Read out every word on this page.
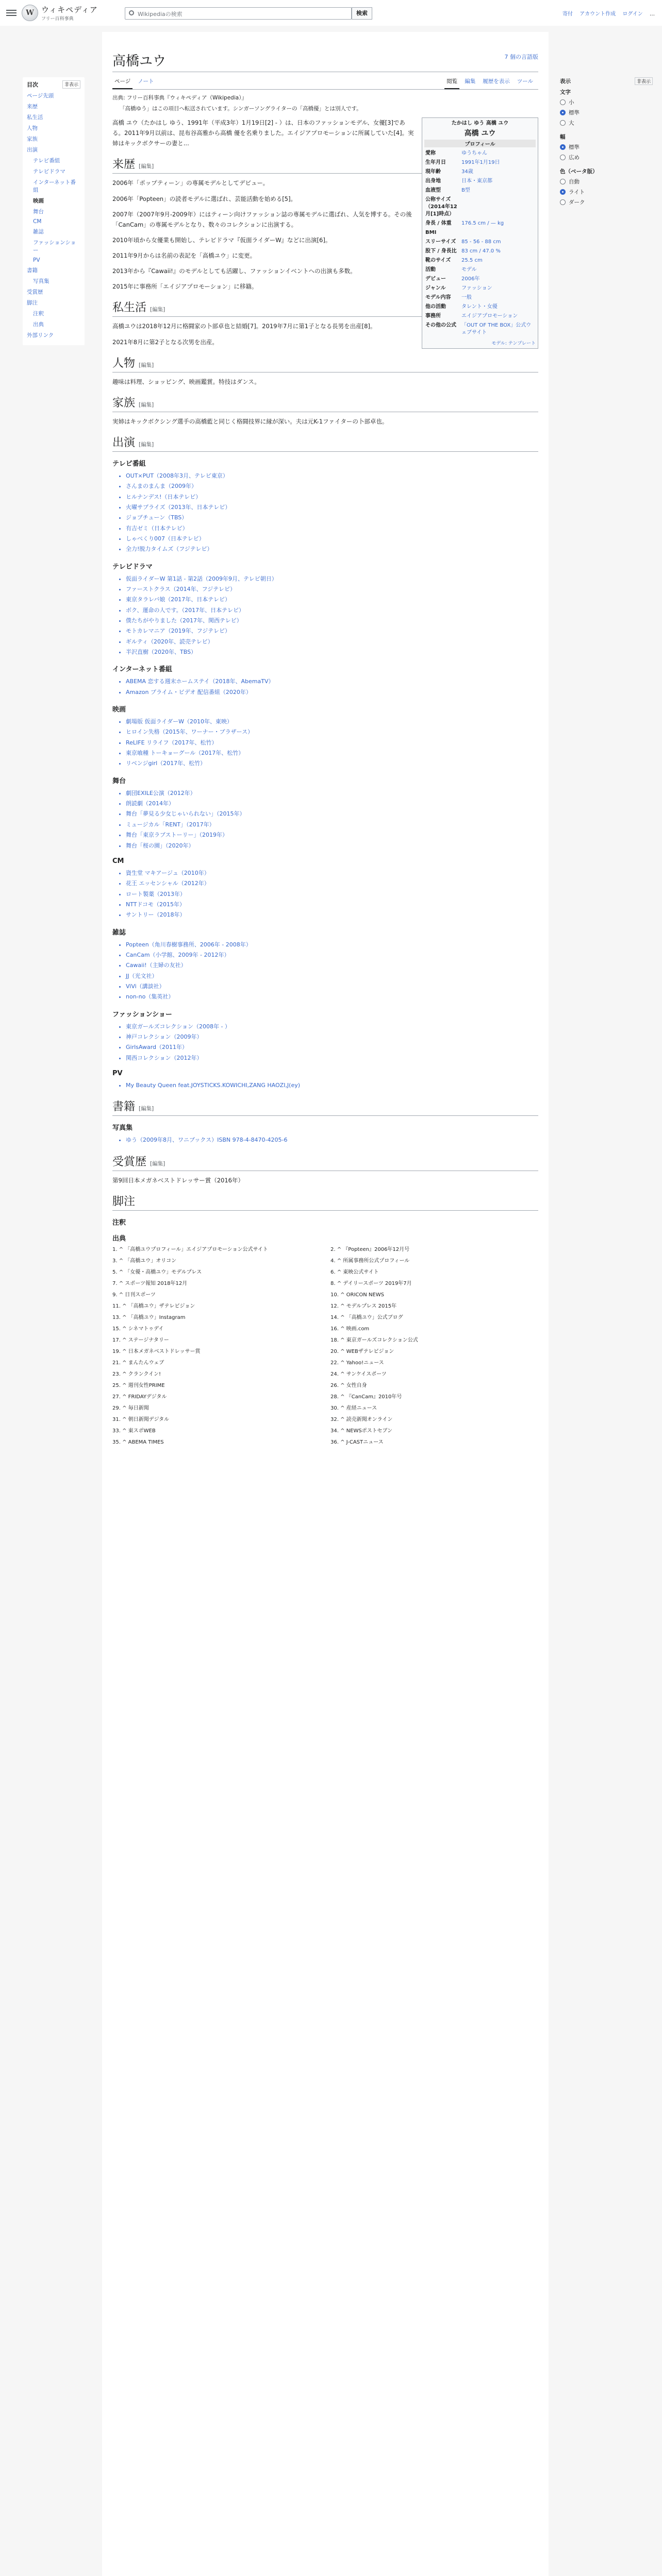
W ウィキペディア
フリー百科事典
Wikipediaの検索	検索	寄付 アカウント作成 ログイン …
目次	非表示
ページ先頭
来歴
私生活
人物
家族
出演
テレビ番組
テレビドラマ
インターネット番組
映画
舞台
CM
雑誌
ファッションショー
PV
書籍
写真集
受賞歴
脚注
注釈
出典
外部リンク
7 個の言語版
高橋ユウ
ページ ノート	閲覧 編集 履歴を表示 ツール
出典: フリー百科事典『ウィキペディア（Wikipedia）』
「高橋ゆう」はこの項目へ転送されています。シンガーソングライターの「高橋優」とは別人です。
たかはし ゆう 高橋 ユウ
高橋 ユウ
プロフィール
愛称	ゆうちゃん
生年月日	1991年1月19日
現年齢	34歳
出身地	日本・東京都
血液型	B型
公称サイズ（2014年12月[1]時点）	
身長 / 体重	176.5 cm / — kg
BMI	
スリーサイズ	85 - 56 - 88 cm
股下 / 身長比	83 cm / 47.0 %
靴のサイズ	25.5 cm
活動	モデル
デビュー	2006年
ジャンル	ファッション
モデル内容	一般
他の活動	タレント・女優
事務所	エイジアプロモーション
その他の公式	「OUT OF THE BOX」公式ウェブサイト
モデル: テンプレート

高橋 ユウ（たかはし ゆう、1991年（平成3年）1月19日[2] - ）は、日本のファッションモデル、女優[3]である。2011年9月以前は、昆布谷高雅から高橋 優を名乗りました。エイジアプロモーションに所属していた[4]。実姉はキックボクサーの妻と...

来歴 [編集]

2006年「ポップティーン」の専属モデルとしてデビュー。

2006年「Popteen」の読者モデルに選ばれ、芸能活動を始める[5]。

2007年（2007年9月-2009年）にはティーン向けファッション誌の専属モデルに選ばれ、人気を博する。その後「CanCam」の専属モデルとなり、数々のコレクションに出演する。

2010年頃から女優業も開始し、テレビドラマ『仮面ライダーW』などに出演[6]。

2011年9月からは名前の表記を「高橋ユウ」に変更。

2013年から『Cawaii!』のモデルとしても活躍し、ファッションイベントへの出演も多数。

2015年に事務所「エイジアプロモーション」に移籍。

私生活 [編集]

高橋ユウは2018年12月に格闘家の卜部卓也と結婚[7]。2019年7月に第1子となる長男を出産[8]。

2021年8月に第2子となる次男を出産。

人物 [編集]

趣味は料理、ショッピング、映画鑑賞。特技はダンス。

家族 [編集]

実姉はキックボクシング選手の高橋藍と同じく格闘技界に縁が深い。夫は元K-1ファイターの卜部卓也。

出演 [編集]
テレビ番組
• OUT×PUT（2008年3月、テレビ東京）
• さんまのまんま（2009年）
• ヒルナンデス!（日本テレビ）
• 火曜サプライズ（2013年、日本テレビ）
• ジョブチューン（TBS）
• 有吉ゼミ（日本テレビ）
• しゃべくり007（日本テレビ）
• 全力!脱力タイムズ（フジテレビ）
テレビドラマ
• 仮面ライダーW 第1話 - 第2話（2009年9月、テレビ朝日）
• ファーストクラス（2014年、フジテレビ）
• 東京タラレバ娘（2017年、日本テレビ）
• ボク、運命の人です。（2017年、日本テレビ）
• 僕たちがやりました（2017年、関西テレビ）
• モトカレマニア（2019年、フジテレビ）
• ギルティ（2020年、読売テレビ）
• 半沢直樹（2020年、TBS）
インターネット番組
• ABEMA 恋する週末ホームステイ（2018年、AbemaTV）
• Amazon プライム・ビデオ 配信番組（2020年）
映画
• 劇場版 仮面ライダーW（2010年、東映）
• ヒロイン失格（2015年、ワーナー・ブラザース）
• ReLIFE リライフ（2017年、松竹）
• 東京喰種 トーキョーグール（2017年、松竹）
• リベンジgirl（2017年、松竹）
舞台
• 劇団EXILE公演（2012年）
• 朗読劇（2014年）
• 舞台「夢見る少女じゃいられない」（2015年）
• ミュージカル「RENT」（2017年）
• 舞台「東京ラブストーリー」（2019年）
• 舞台「桜の園」（2020年）
CM
• 資生堂 マキアージュ（2010年）
• 花王 エッセンシャル（2012年）
• ロート製薬（2013年）
• NTTドコモ（2015年）
• サントリー（2018年）
雑誌
• Popteen（角川春樹事務所、2006年 - 2008年）
• CanCam（小学館、2009年 - 2012年）
• Cawaii!（主婦の友社）
• JJ（光文社）
• ViVi（講談社）
• non-no（集英社）
ファッションショー
• 東京ガールズコレクション（2008年 - ）
• 神戸コレクション（2009年）
• GirlsAward（2011年）
• 関西コレクション（2012年）
PV
• My Beauty Queen feat.JOYSTICKS.KOWICHI,ZANG HAOZI,J(ey)
書籍 [編集]
写真集
• ゆう（2009年8月、ワニブックス）ISBN 978-4-8470-4205-6
受賞歴 [編集]

第9回日本メガネベストドレッサー賞（2016年）

脚注
注釈
出典
1. ^ 「高橋ユウプロフィール」エイジアプロモーション公式サイト	2. ^ 『Popteen』2006年12月号
3. ^ 「高橋ユウ」オリコン	4. ^ 所属事務所公式プロフィール
5. ^ 「女優・高橋ユウ」モデルプレス	6. ^ 東映公式サイト
7. ^ スポーツ報知 2018年12月	8. ^ デイリースポーツ 2019年7月
9. ^ 日刊スポーツ	10. ^ ORICON NEWS
11. ^ 「高橋ユウ」ザテレビジョン	12. ^ モデルプレス 2015年
13. ^ 「高橋ユウ」Instagram	14. ^ 「高橋ユウ」公式ブログ
15. ^ シネマトゥデイ	16. ^ 映画.com
17. ^ ステージナタリー	18. ^ 東京ガールズコレクション公式
19. ^ 日本メガネベストドレッサー賞	20. ^ WEBザテレビジョン
21. ^ まんたんウェブ	22. ^ Yahoo!ニュース
23. ^ クランクイン!	24. ^ サンケイスポーツ
25. ^ 週刊女性PRIME	26. ^ 女性自身
27. ^ FRIDAYデジタル	28. ^ 『CanCam』2010年号
29. ^ 毎日新聞	30. ^ 産経ニュース
31. ^ 朝日新聞デジタル	32. ^ 読売新聞オンライン
33. ^ 東スポWEB	34. ^ NEWSポストセブン
35. ^ ABEMA TIMES	36. ^ J-CASTニュース
表示	非表示
文字
小
標準
大
幅
標準
広め
色（ベータ版）
自動
ライト
ダーク
